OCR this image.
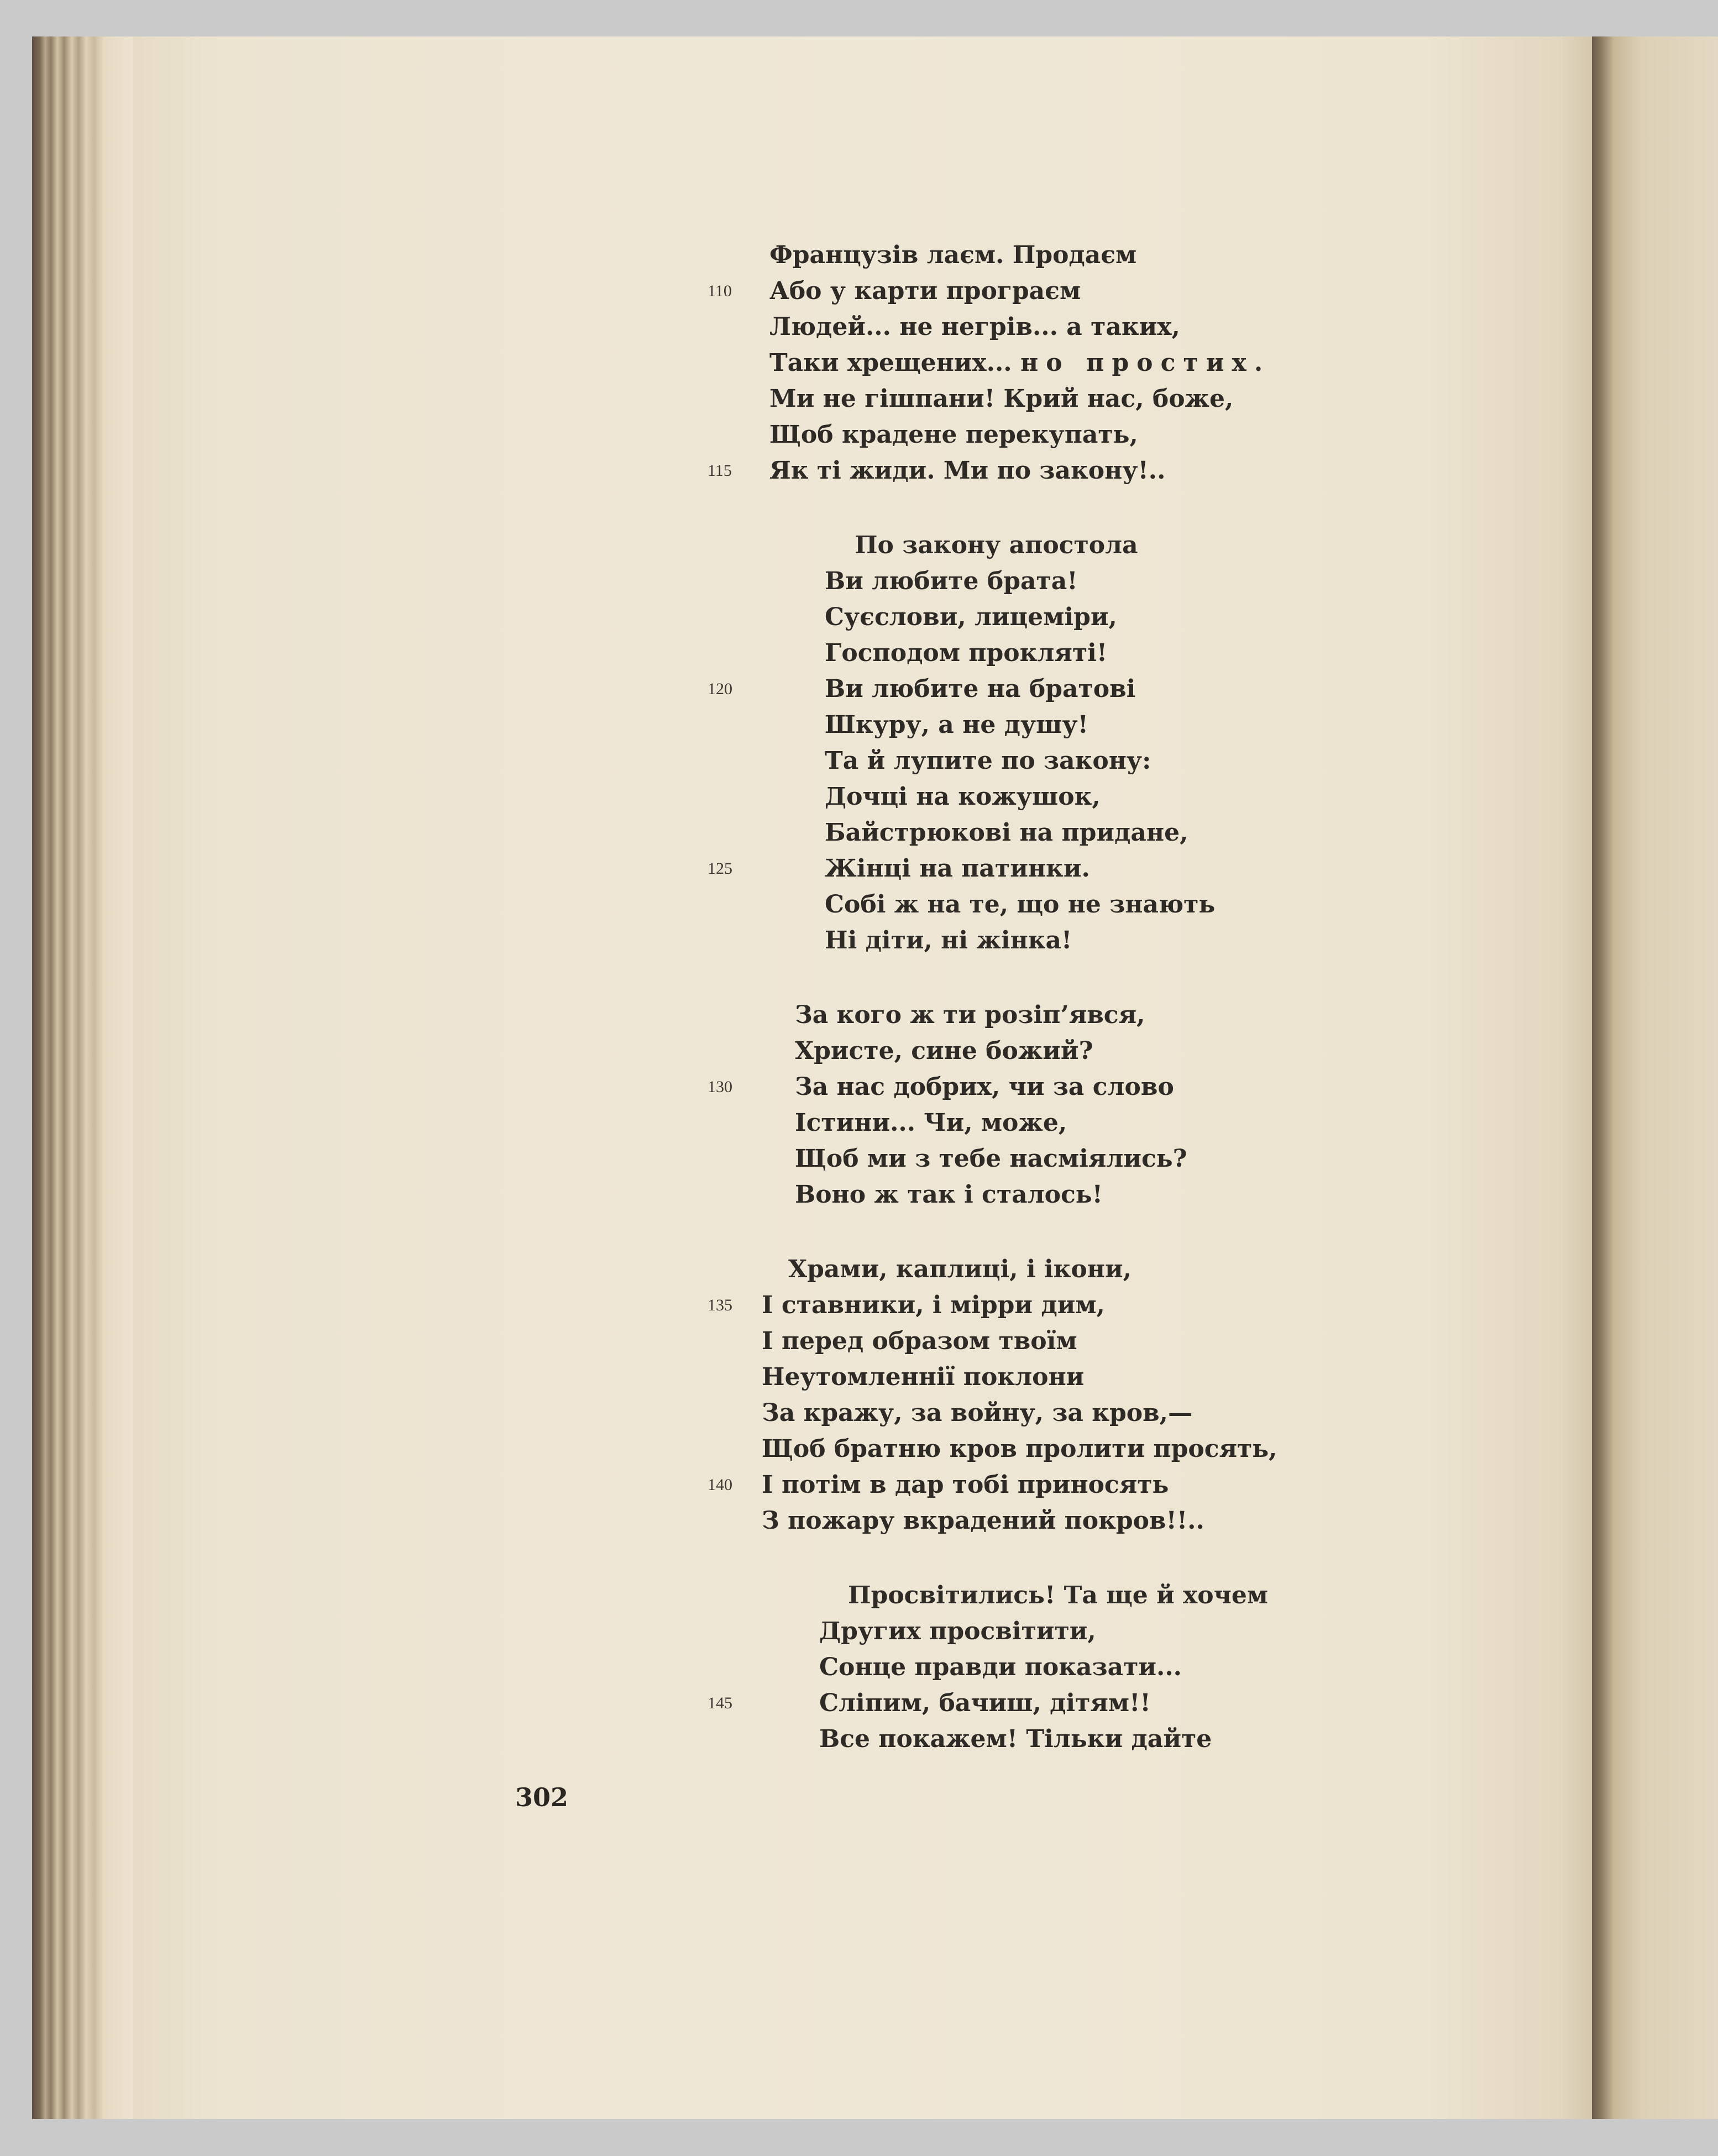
Французів лаєм. Продаєм
Або у карти програєм
110
Людей... не негрів... а таких,
Таки хрещених... но простих.
Ми не гішпани! Крий нас, боже,
Щоб крадене перекупать,
Як ті жиди. Ми по закону!..
115
По закону апостола
Ви любите брата!
Суєслови, лицеміри,
Господом прокляті!
Ви любите на братові
120
Шкуру, а не душу!
Та й лупите по закону:
Дочці на кожушок,
Байстрюкові на придане,
Жінці на патинки.
125
Собі ж на те, що не знають
Ні діти, ні жінка!
За кого ж ти розіп’явся,
Христе, сине божий?
За нас добрих, чи за слово
130
Істини... Чи, може,
Щоб ми з тебе насміялись?
Воно ж так і сталось!
Храми, каплиці, і ікони,
І ставники, і мірри дим,
135
І перед образом твоїм
Неутомленнії поклони
За кражу, за войну, за кров,—
Щоб братню кров пролити просять,
І потім в дар тобі приносять
140
З пожару вкрадений покров!!..
Просвітились! Та ще й хочем
Других просвітити,
Сонце правди показати...
Сліпим, бачиш, дітям!!
145
Все покажем! Тільки дайте
302
